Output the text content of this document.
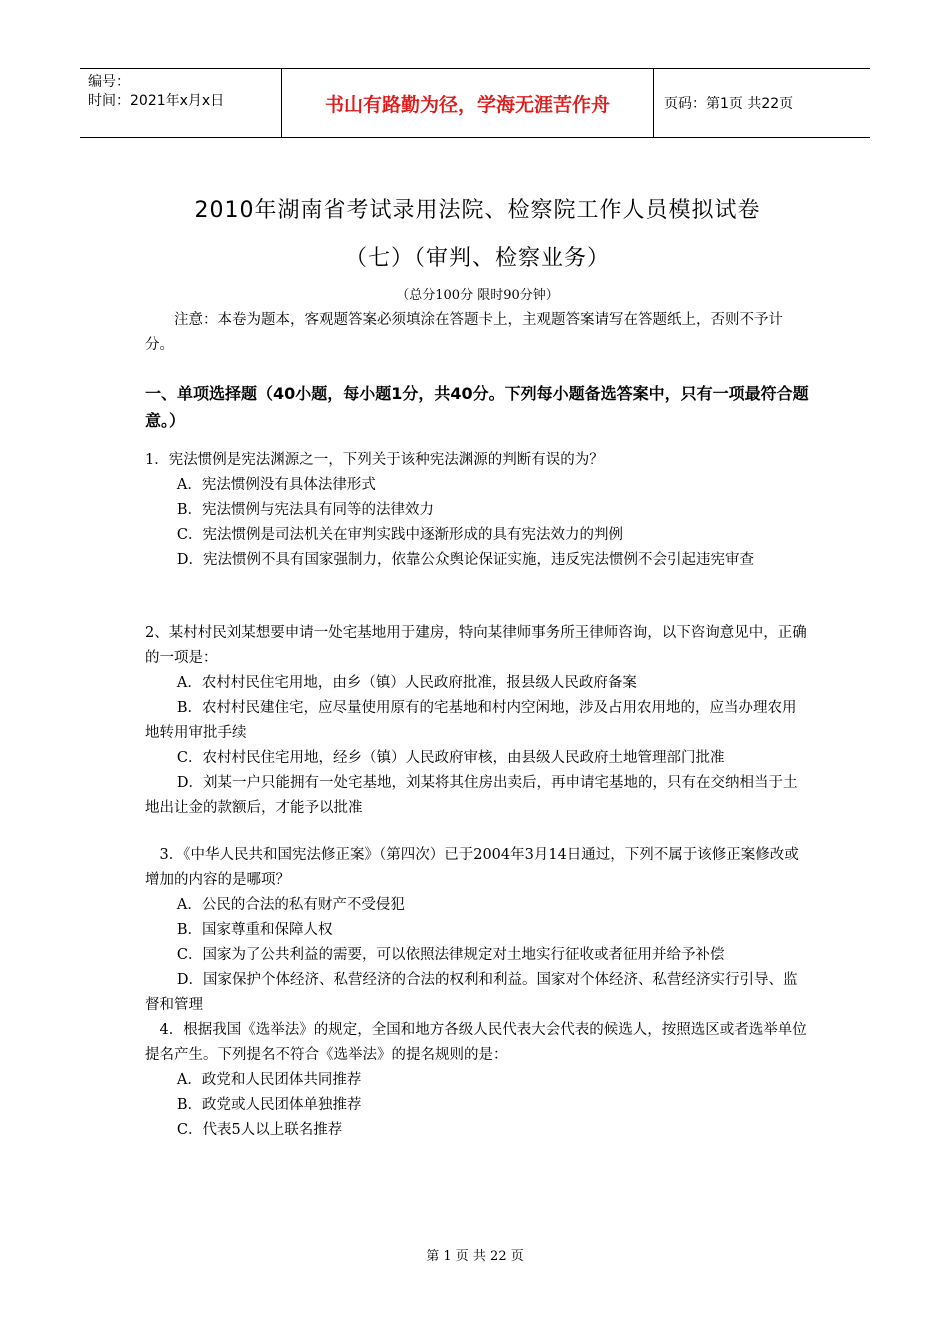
编号：
时间：2021年x月x日	书山有路勤为径，学海无涯苦作舟	页码：第1页 共22页
2010年湖南省考试录用法院、检察院工作人员模拟试卷
（七）（审判、检察业务）
（总分100分 限时90分钟）
注意：本卷为题本，客观题答案必须填涂在答题卡上，主观题答案请写在答题纸上，否则不予计分。
一、单项选择题（40小题，每小题1分，共40分。下列每小题备选答案中，只有一项最符合题意。）
1．宪法惯例是宪法渊源之一，下列关于该种宪法渊源的判断有误的为？
A．宪法惯例没有具体法律形式
B．宪法惯例与宪法具有同等的法律效力
C．宪法惯例是司法机关在审判实践中逐渐形成的具有宪法效力的判例
D．宪法惯例不具有国家强制力，依靠公众舆论保证实施，违反宪法惯例不会引起违宪审查
2、某村村民刘某想要申请一处宅基地用于建房，特向某律师事务所王律师咨询，以下咨询意见中，正确的一项是：
A．农村村民住宅用地，由乡（镇）人民政府批准，报县级人民政府备案
B．农村村民建住宅，应尽量使用原有的宅基地和村内空闲地，涉及占用农用地的，应当办理农用地转用审批手续
C．农村村民住宅用地，经乡（镇）人民政府审核，由县级人民政府土地管理部门批准
D．刘某一户只能拥有一处宅基地，刘某将其住房出卖后，再申请宅基地的，只有在交纳相当于土地出让金的款额后，才能予以批准
3．《中华人民共和国宪法修正案》（第四次）已于2004年3月14日通过，下列不属于该修正案修改或增加的内容的是哪项？
A．公民的合法的私有财产不受侵犯
B．国家尊重和保障人权
C．国家为了公共利益的需要，可以依照法律规定对土地实行征收或者征用并给予补偿
D．国家保护个体经济、私营经济的合法的权利和利益。国家对个体经济、私营经济实行引导、监督和管理
4．根据我国《选举法》的规定，全国和地方各级人民代表大会代表的候选人，按照选区或者选举单位提名产生。下列提名不符合《选举法》的提名规则的是：
A．政党和人民团体共同推荐
B．政党或人民团体单独推荐
C．代表5人以上联名推荐
第 1 页 共 22 页
